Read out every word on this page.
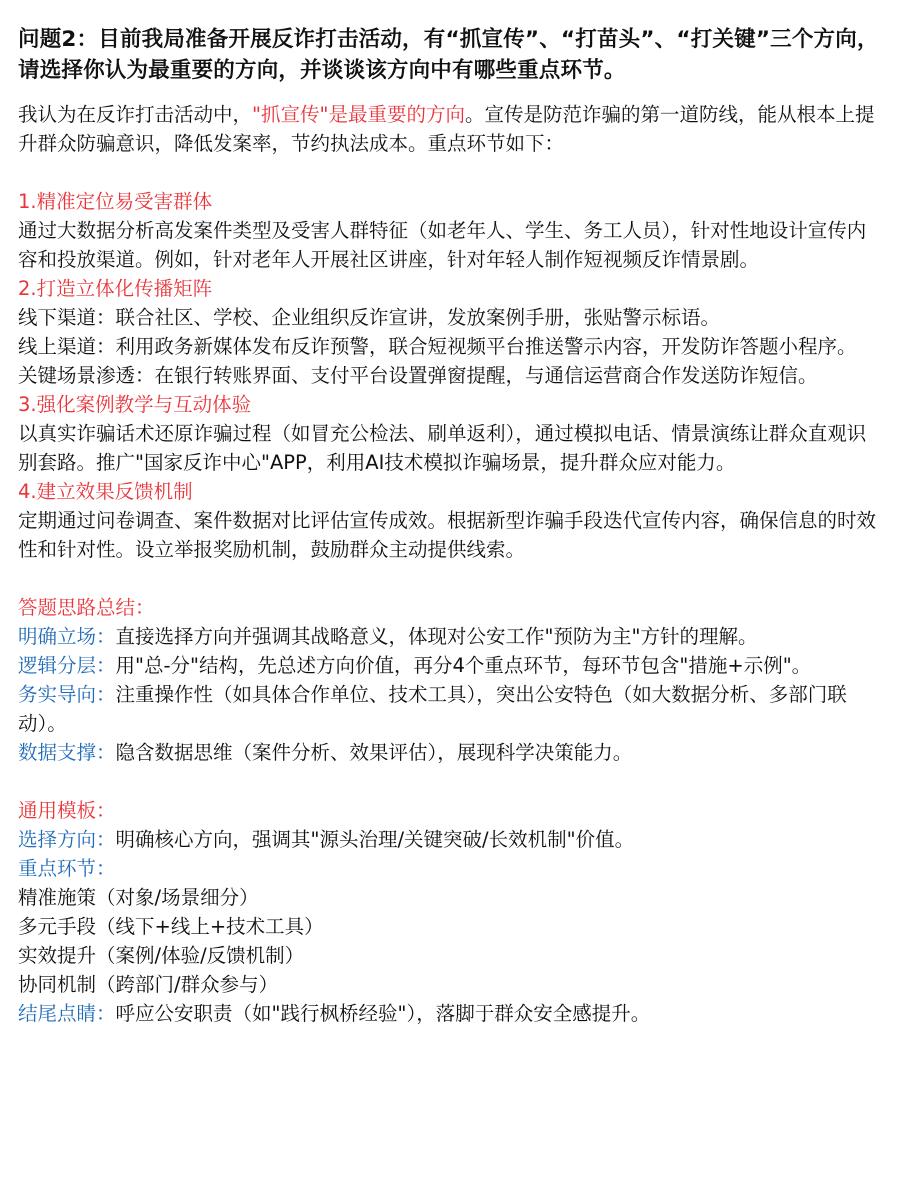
问题2：目前我局准备开展反诈打击活动，有“抓宣传”、“打苗头”、“打关键”三个方向，请选择你认为最重要的方向，并谈谈该方向中有哪些重点环节。

我认为在反诈打击活动中，"抓宣传"是最重要的方向。宣传是防范诈骗的第一道防线，能从根本上提升群众防骗意识，降低发案率，节约执法成本。重点环节如下：

1.精准定位易受害群体

通过大数据分析高发案件类型及受害人群特征（如老年人、学生、务工人员），针对性地设计宣传内容和投放渠道。例如，针对老年人开展社区讲座，针对年轻人制作短视频反诈情景剧。

2.打造立体化传播矩阵

线下渠道：联合社区、学校、企业组织反诈宣讲，发放案例手册，张贴警示标语。

线上渠道：利用政务新媒体发布反诈预警，联合短视频平台推送警示内容，开发防诈答题小程序。

关键场景渗透：在银行转账界面、支付平台设置弹窗提醒，与通信运营商合作发送防诈短信。

3.强化案例教学与互动体验

以真实诈骗话术还原诈骗过程（如冒充公检法、刷单返利），通过模拟电话、情景演练让群众直观识别套路。推广"国家反诈中心"APP，利用AI技术模拟诈骗场景，提升群众应对能力。

4.建立效果反馈机制

定期通过问卷调查、案件数据对比评估宣传成效。根据新型诈骗手段迭代宣传内容，确保信息的时效性和针对性。设立举报奖励机制，鼓励群众主动提供线索。

答题思路总结：

明确立场：直接选择方向并强调其战略意义，体现对公安工作"预防为主"方针的理解。

逻辑分层：用"总-分"结构，先总述方向价值，再分4个重点环节，每环节包含"措施+示例"。

务实导向：注重操作性（如具体合作单位、技术工具），突出公安特色（如大数据分析、多部门联动）。

数据支撑：隐含数据思维（案件分析、效果评估），展现科学决策能力。

通用模板：

选择方向：明确核心方向，强调其"源头治理/关键突破/长效机制"价值。

重点环节：

精准施策（对象/场景细分）

多元手段（线下+线上+技术工具）

实效提升（案例/体验/反馈机制）

协同机制（跨部门/群众参与）

结尾点睛：呼应公安职责（如"践行枫桥经验"），落脚于群众安全感提升。
